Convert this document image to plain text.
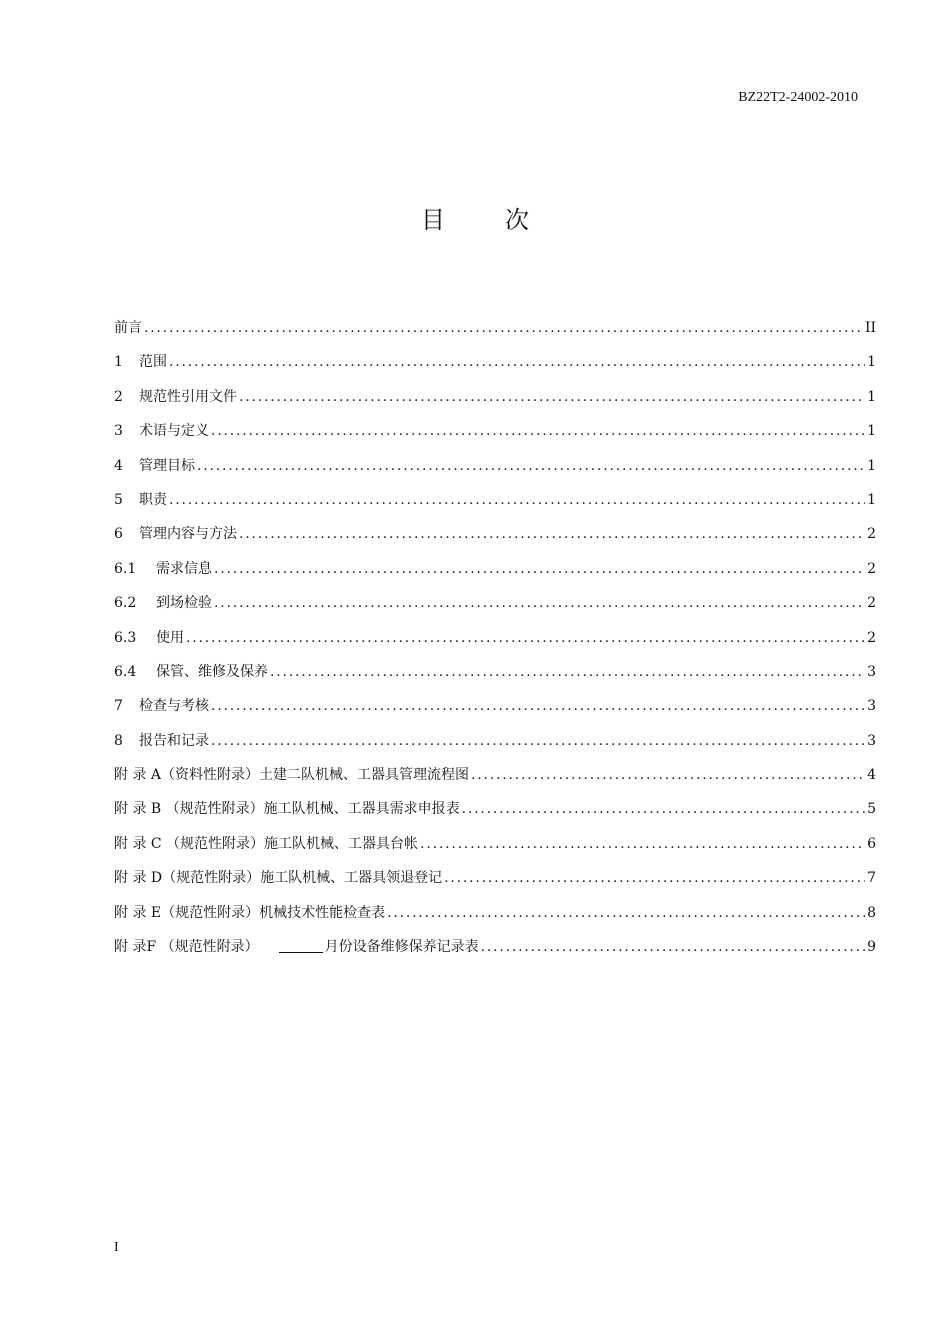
BZ22T2-24002-2010
目次
前言 .....	II
1 范围 .....	1
2 规范性引用文件 .....	1
3 术语与定义 .....	1
4 管理目标 .....	1
5 职责 .....	1
6 管理内容与方法 .....	2
6.1 需求信息 .....	2
6.2 到场检验 .....	2
6.3 使用 .....	2
6.4 保管、维修及保养 .....	3
7 检查与考核 .....	3
8 报告和记录 .....	3
附 录 A（资料性附录）土建二队机械、工器具管理流程图 .....	4
附 录 B （规范性附录）施工队机械、工器具需求申报表 .....	5
附 录 C （规范性附录）施工队机械、工器具台帐 .....	6
附 录 D（规范性附录）施工队机械、工器具领退登记 .....	7
附 录 E（规范性附录）机械技术性能检查表 .....	8
附 录F （规范性附录）	月份设备维修保养记录表 .....	9
I
